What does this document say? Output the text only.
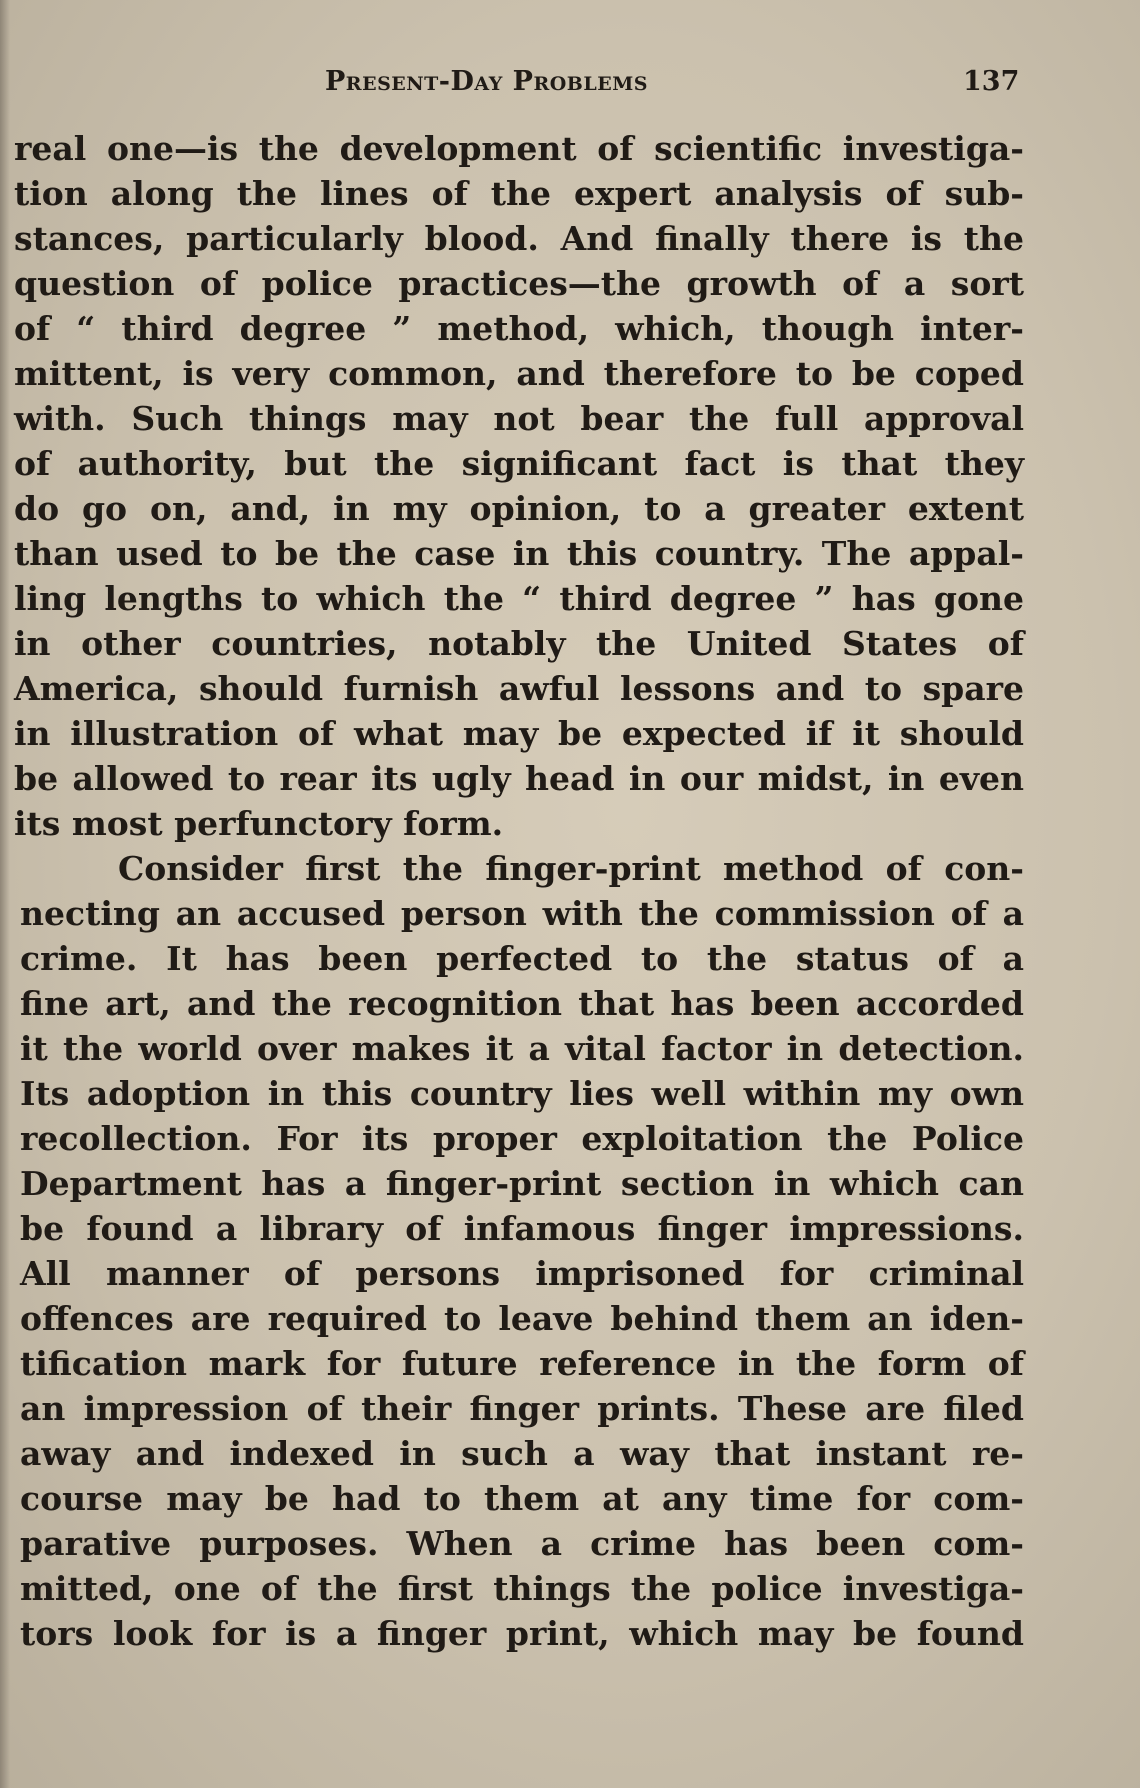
Present-Day Problems	137
real one—is the development of scientific investiga-
tion along the lines of the expert analysis of sub-
stances, particularly blood. And finally there is the
question of police practices—the growth of a sort
of “ third degree ” method, which, though inter-
mittent, is very common, and therefore to be coped
with. Such things may not bear the full approval
of authority, but the significant fact is that they
do go on, and, in my opinion, to a greater extent
than used to be the case in this country. The appal-
ling lengths to which the “ third degree ” has gone
in other countries, notably the United States of
America, should furnish awful lessons and to spare
in illustration of what may be expected if it should
be allowed to rear its ugly head in our midst, in even
its most perfunctory form.
Consider first the finger-print method of con-
necting an accused person with the commission of a
crime. It has been perfected to the status of a
fine art, and the recognition that has been accorded
it the world over makes it a vital factor in detection.
Its adoption in this country lies well within my own
recollection. For its proper exploitation the Police
Department has a finger-print section in which can
be found a library of infamous finger impressions.
All manner of persons imprisoned for criminal
offences are required to leave behind them an iden-
tification mark for future reference in the form of
an impression of their finger prints. These are filed
away and indexed in such a way that instant re-
course may be had to them at any time for com-
parative purposes. When a crime has been com-
mitted, one of the first things the police investiga-
tors look for is a finger print, which may be found
